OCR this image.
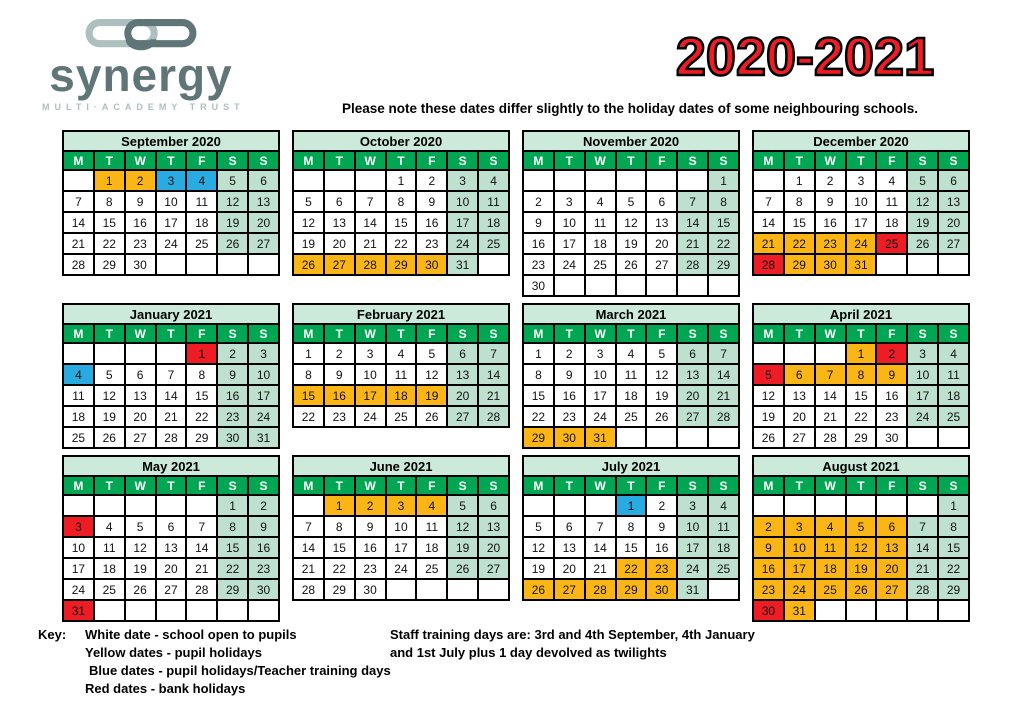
synergy
MULTI·ACADEMY TRUST
2020-2021
Please note these dates differ slightly to the holiday dates of some neighbouring schools.
September 2020						
M	T	W	T	F	S	S
	1	2	3	4	5	6
7	8	9	10	11	12	13
14	15	16	17	18	19	20
21	22	23	24	25	26	27
28	29	30				
October 2020						
M	T	W	T	F	S	S
			1	2	3	4
5	6	7	8	9	10	11
12	13	14	15	16	17	18
19	20	21	22	23	24	25
26	27	28	29	30	31	
November 2020						
M	T	W	T	F	S	S
						1
2	3	4	5	6	7	8
9	10	11	12	13	14	15
16	17	18	19	20	21	22
23	24	25	26	27	28	29
30						
December 2020						
M	T	W	T	F	S	S
	1	2	3	4	5	6
7	8	9	10	11	12	13
14	15	16	17	18	19	20
21	22	23	24	25	26	27
28	29	30	31			
January 2021						
M	T	W	T	F	S	S
				1	2	3
4	5	6	7	8	9	10
11	12	13	14	15	16	17
18	19	20	21	22	23	24
25	26	27	28	29	30	31
February 2021						
M	T	W	T	F	S	S
1	2	3	4	5	6	7
8	9	10	11	12	13	14
15	16	17	18	19	20	21
22	23	24	25	26	27	28
March 2021						
M	T	W	T	F	S	S
1	2	3	4	5	6	7
8	9	10	11	12	13	14
15	16	17	18	19	20	21
22	23	24	25	26	27	28
29	30	31				
April 2021						
M	T	W	T	F	S	S
			1	2	3	4
5	6	7	8	9	10	11
12	13	14	15	16	17	18
19	20	21	22	23	24	25
26	27	28	29	30		
May 2021						
M	T	W	T	F	S	S
					1	2
3	4	5	6	7	8	9
10	11	12	13	14	15	16
17	18	19	20	21	22	23
24	25	26	27	28	29	30
31						
June 2021						
M	T	W	T	F	S	S
	1	2	3	4	5	6
7	8	9	10	11	12	13
14	15	16	17	18	19	20
21	22	23	24	25	26	27
28	29	30				
July 2021						
M	T	W	T	F	S	S
			1	2	3	4
5	6	7	8	9	10	11
12	13	14	15	16	17	18
19	20	21	22	23	24	25
26	27	28	29	30	31	
August 2021						
M	T	W	T	F	S	S
						1
2	3	4	5	6	7	8
9	10	11	12	13	14	15
16	17	18	19	20	21	22
23	24	25	26	27	28	29
30	31					
Key:	White date - school open to pupils
Yellow dates - pupil holidays
Blue dates - pupil holidays/Teacher training days
Red dates - bank holidays
Staff training days are: 3rd and 4th September, 4th January
and 1st July plus 1 day devolved as twilights
